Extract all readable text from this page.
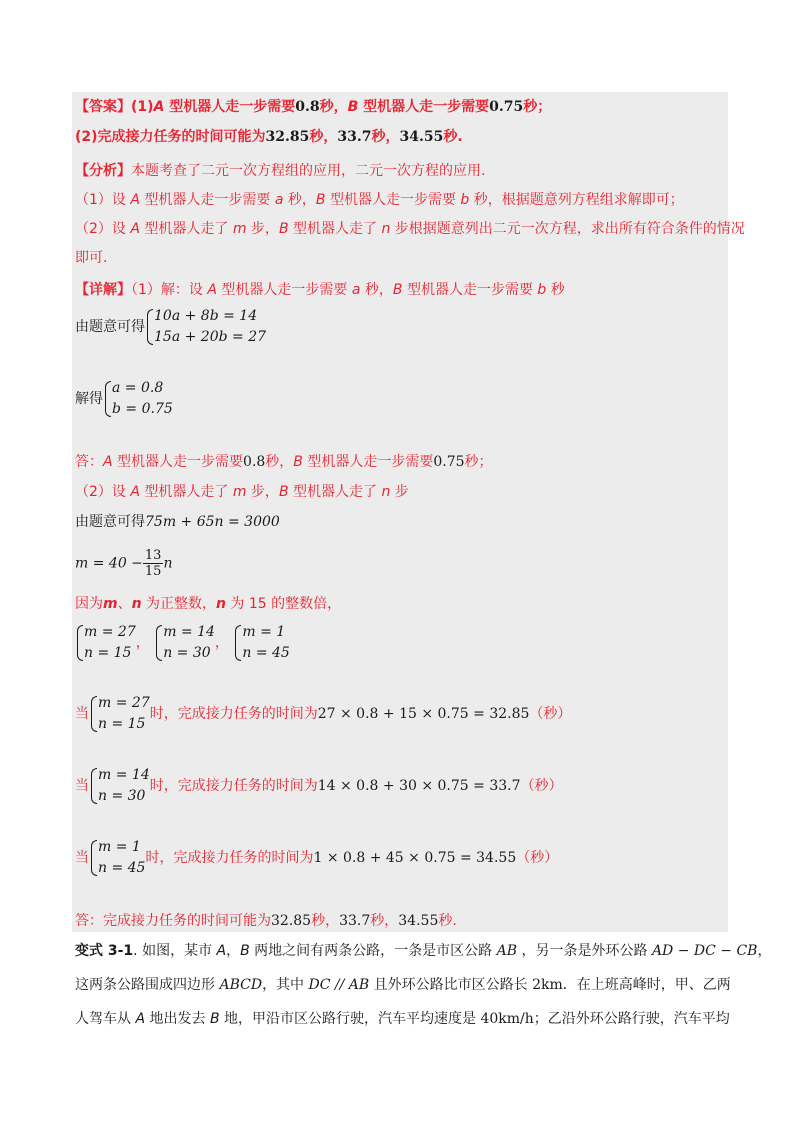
【答案】(1)A 型机器人走一步需要0.8秒，B 型机器人走一步需要0.75秒；
(2)完成接力任务的时间可能为32.85秒，33.7秒，34.55秒.
【分析】本题考查了二元一次方程组的应用，二元一次方程的应用.
（1）设 A 型机器人走一步需要 a 秒，B 型机器人走一步需要 b 秒，根据题意列方程组求解即可；
（2）设 A 型机器人走了 m 步，B 型机器人走了 n 步根据题意列出二元一次方程，求出所有符合条件的情况
即可.
【详解】（1）解：设 A 型机器人走一步需要 a 秒，B 型机器人走一步需要 b 秒
由题意可得
10a + 8b = 14
15a + 20b = 27
解得
a = 0.8
b = 0.75
答：A 型机器人走一步需要0.8秒，B 型机器人走一步需要0.75秒；
（2）设 A 型机器人走了 m 步，B 型机器人走了 n 步
由题意可得75m + 65n = 3000
$m = 40 - \frac{13}{15}$ n
因为m、n 为正整数，n 为 15 的整数倍，
m = 27
n = 15
，
m = 14
n = 30
，
m = 1
n = 45
当
m = 27
n = 15
时，完成接力任务的时间为27 × 0.8 + 15 × 0.75 = 32.85（秒）
当
m = 14
n = 30
时，完成接力任务的时间为14 × 0.8 + 30 × 0.75 = 33.7（秒）
当
m = 1
n = 45
时，完成接力任务的时间为1 × 0.8 + 45 × 0.75 = 34.55（秒）
答：完成接力任务的时间可能为32.85秒，33.7秒，34.55秒.
变式 3-1. 如图，某市 A，B 两地之间有两条公路，一条是市区公路 AB ，另一条是外环公路 AD − DC − CB，
这两条公路围成四边形 ABCD，其中 DC // AB 且外环公路比市区公路长 2km．在上班高峰时，甲、乙两
人驾车从 A 地出发去 B 地，甲沿市区公路行驶，汽车平均速度是 40km/h；乙沿外环公路行驶，汽车平均
